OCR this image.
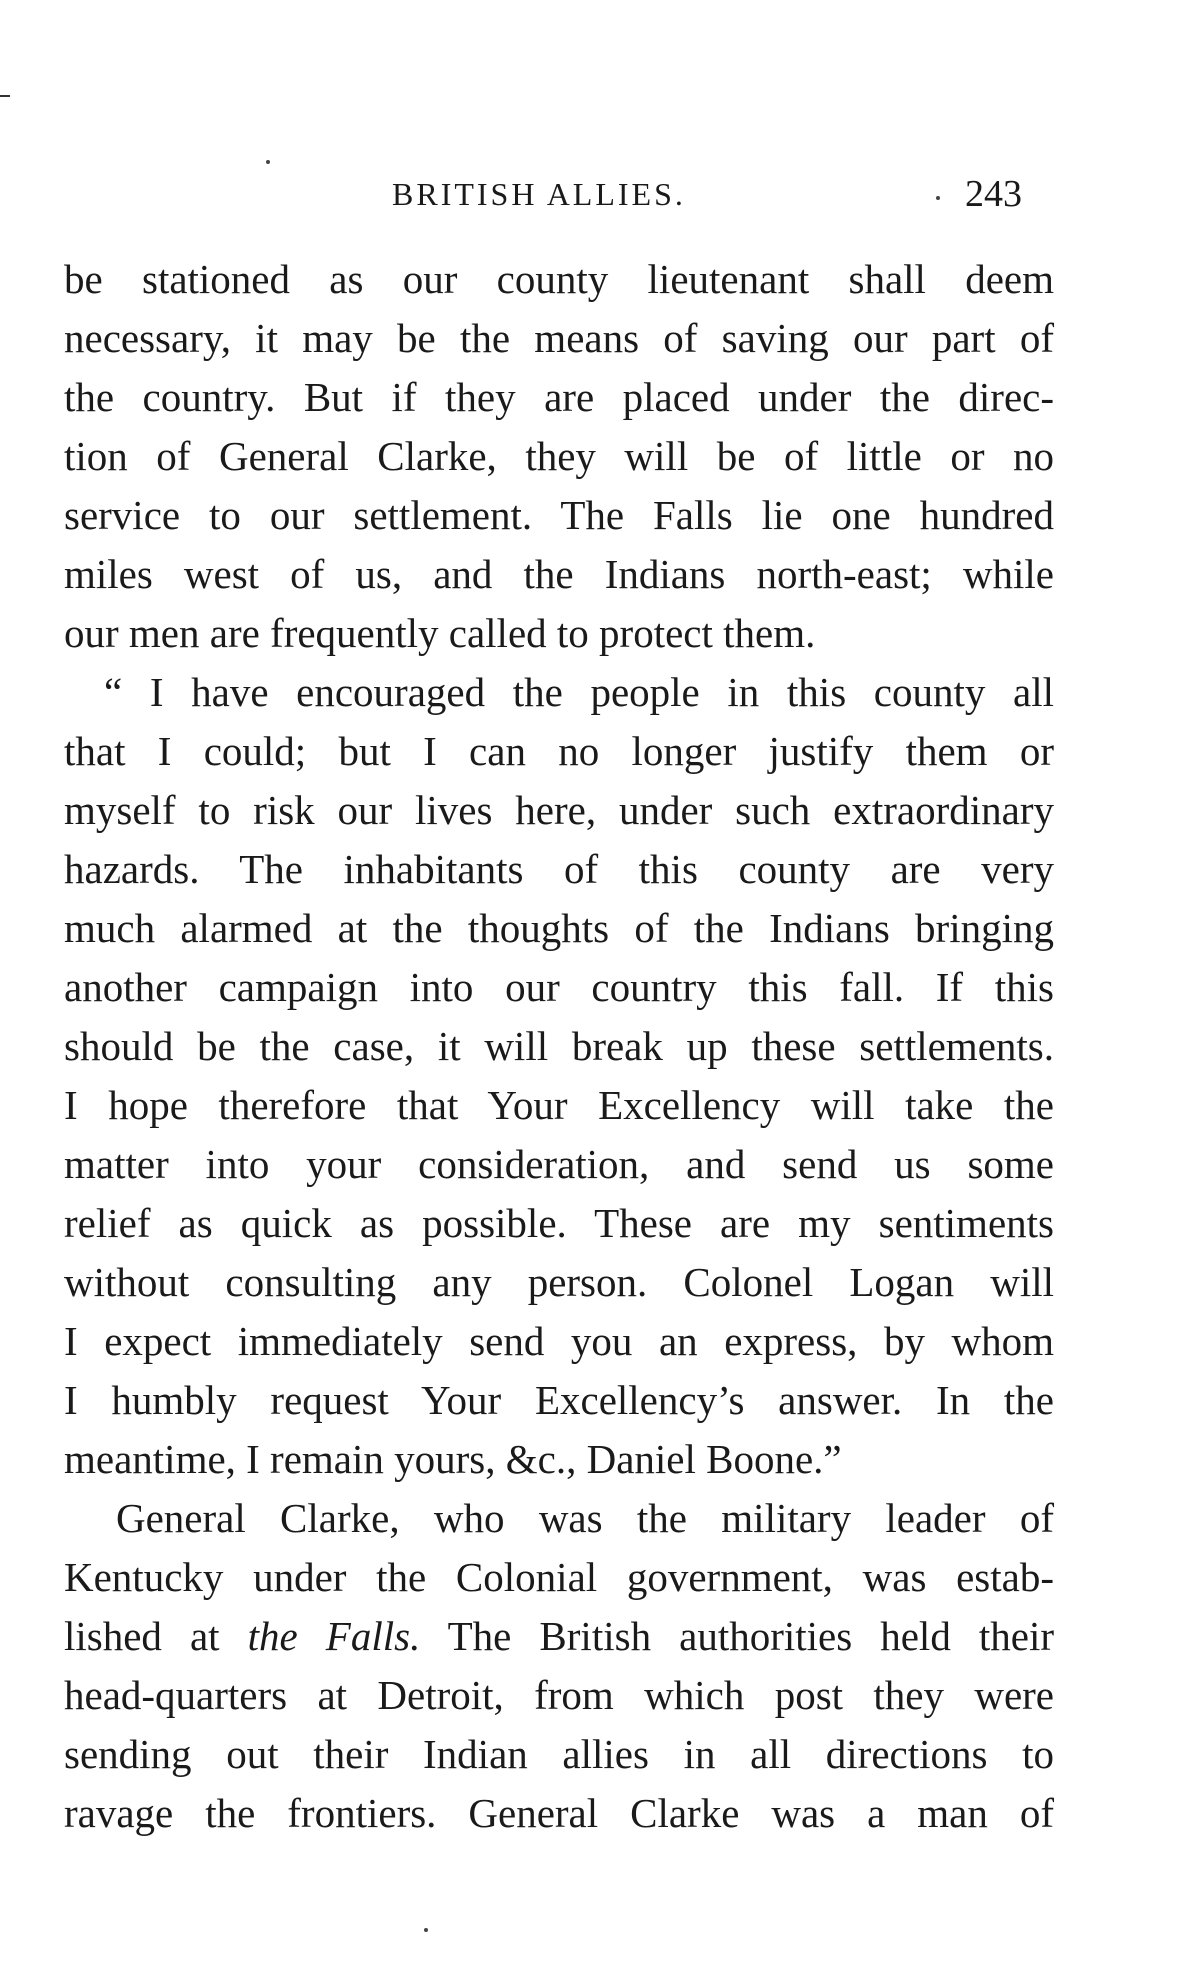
BRITISH ALLIES.	243
be stationed as our county lieutenant shall deem
necessary, it may be the means of saving our part of
the country. But if they are placed under the direc-
tion of General Clarke, they will be of little or no
service to our settlement. The Falls lie one hundred
miles west of us, and the Indians north-east; while
our men are frequently called to protect them.
“ I have encouraged the people in this county all
that I could; but I can no longer justify them or
myself to risk our lives here, under such extraordinary
hazards. The inhabitants of this county are very
much alarmed at the thoughts of the Indians bringing
another campaign into our country this fall. If this
should be the case, it will break up these settlements.
I hope therefore that Your Excellency will take the
matter into your consideration, and send us some
relief as quick as possible. These are my sentiments
without consulting any person. Colonel Logan will
I expect immediately send you an express, by whom
I humbly request Your Excellency’s answer. In the
meantime, I remain yours, &c., Daniel Boone.”
General Clarke, who was the military leader of
Kentucky under the Colonial government, was estab-
lished at the Falls. The British authorities held their
head-quarters at Detroit, from which post they were
sending out their Indian allies in all directions to
ravage the frontiers. General Clarke was a man of
